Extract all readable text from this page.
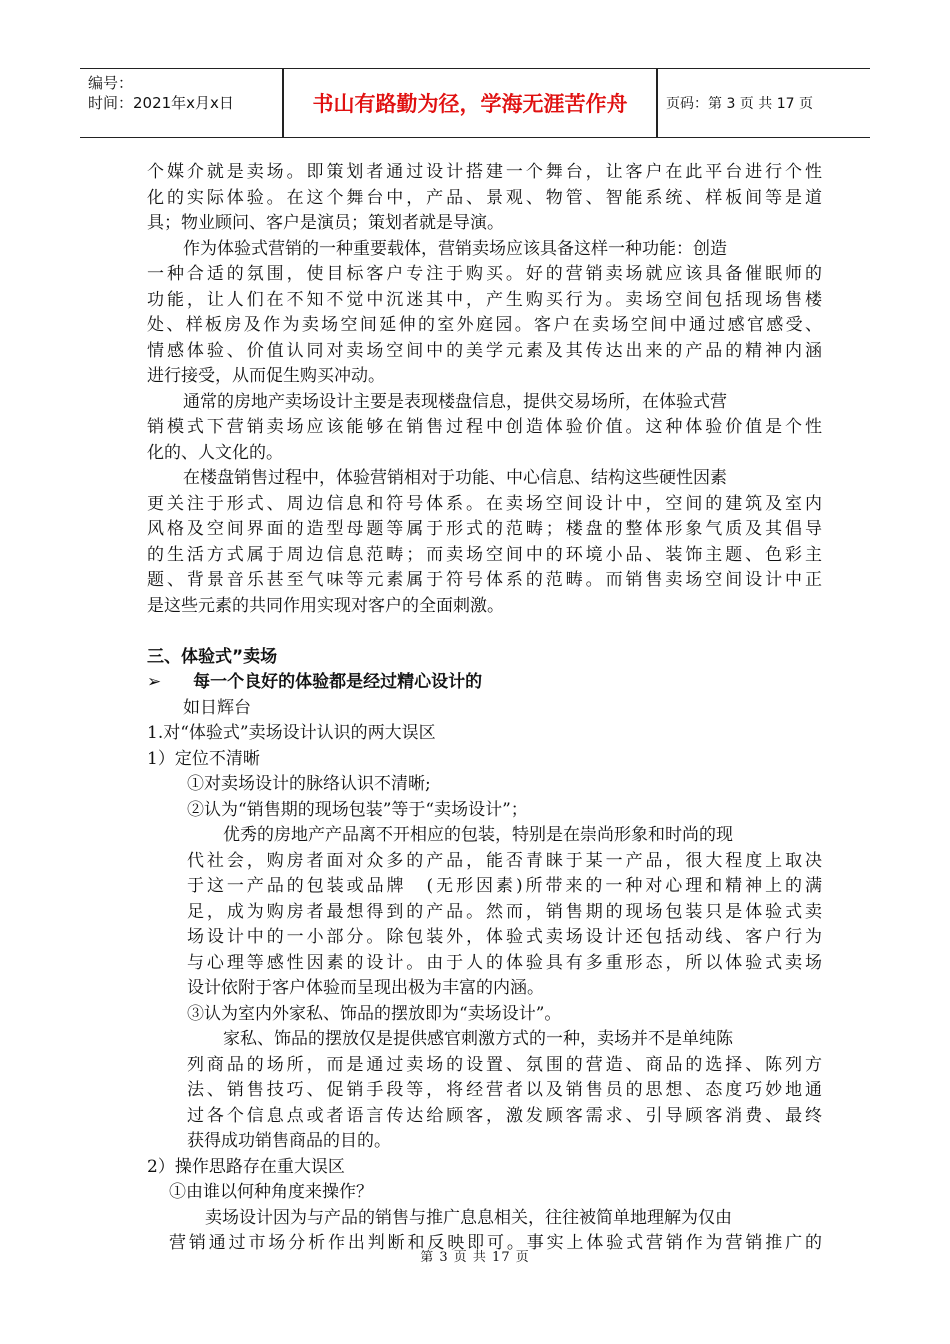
编号：
时间：2021年x月x日	书山有路勤为径，学海无涯苦作舟	页码：第 3 页 共 17 页
个媒介就是卖场。即策划者通过设计搭建一个舞台，让客户在此平台进行个性
化的实际体验。在这个舞台中，产品、景观、物管、智能系统、样板间等是道
具；物业顾问、客户是演员；策划者就是导演。
作为体验式营销的一种重要载体，营销卖场应该具备这样一种功能：创造
一种合适的氛围，使目标客户专注于购买。好的营销卖场就应该具备催眠师的
功能，让人们在不知不觉中沉迷其中，产生购买行为。卖场空间包括现场售楼
处、样板房及作为卖场空间延伸的室外庭园。客户在卖场空间中通过感官感受、
情感体验、价值认同对卖场空间中的美学元素及其传达出来的产品的精神内涵
进行接受，从而促生购买冲动。
通常的房地产卖场设计主要是表现楼盘信息，提供交易场所，在体验式营
销模式下营销卖场应该能够在销售过程中创造体验价值。这种体验价值是个性
化的、人文化的。
在楼盘销售过程中，体验营销相对于功能、中心信息、结构这些硬性因素
更关注于形式、周边信息和符号体系。在卖场空间设计中，空间的建筑及室内
风格及空间界面的造型母题等属于形式的范畴；楼盘的整体形象气质及其倡导
的生活方式属于周边信息范畴；而卖场空间中的环境小品、装饰主题、色彩主
题、背景音乐甚至气味等元素属于符号体系的范畴。而销售卖场空间设计中正
是这些元素的共同作用实现对客户的全面刺激。
三、体验式”卖场
➢ 每一个良好的体验都是经过精心设计的
如日辉台
1.对“体验式”卖场设计认识的两大误区
1）定位不清晰
①对卖场设计的脉络认识不清晰;
②认为“销售期的现场包装”等于“卖场设计”；
优秀的房地产产品离不开相应的包装，特别是在崇尚形象和时尚的现
代社会，购房者面对众多的产品，能否青睐于某一产品，很大程度上取决
于这一产品的包装或品牌　(无形因素)所带来的一种对心理和精神上的满
足，成为购房者最想得到的产品。然而，销售期的现场包装只是体验式卖
场设计中的一小部分。除包装外，体验式卖场设计还包括动线、客户行为
与心理等感性因素的设计。由于人的体验具有多重形态，所以体验式卖场
设计依附于客户体验而呈现出极为丰富的内涵。
③认为室内外家私、饰品的摆放即为“卖场设计”。
家私、饰品的摆放仅是提供感官刺激方式的一种，卖场并不是单纯陈
列商品的场所，而是通过卖场的设置、氛围的营造、商品的选择、陈列方
法、销售技巧、促销手段等，将经营者以及销售员的思想、态度巧妙地通
过各个信息点或者语言传达给顾客，激发顾客需求、引导顾客消费、最终
获得成功销售商品的目的。
2）操作思路存在重大误区
①由谁以何种角度来操作？
卖场设计因为与产品的销售与推广息息相关，往往被简单地理解为仅由
营销通过市场分析作出判断和反映即可。事实上体验式营销作为营销推广的
第 3 页 共 17 页
